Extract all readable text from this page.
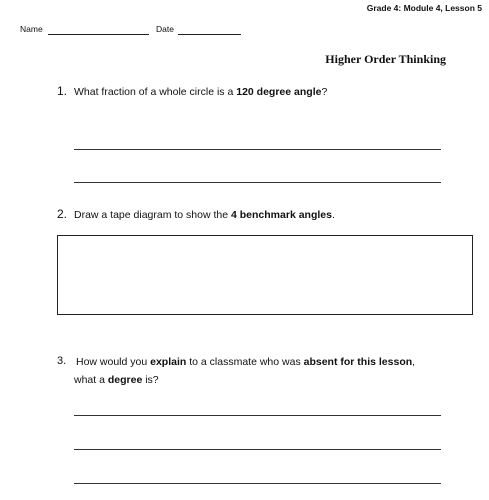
Grade 4: Module 4, Lesson 5
Name	Date
Higher Order Thinking
1. What fraction of a whole circle is a 120 degree angle?
2. Draw a tape diagram to show the 4 benchmark angles.
3. How would you explain to a classmate who was absent for this lesson,
what a degree is?
